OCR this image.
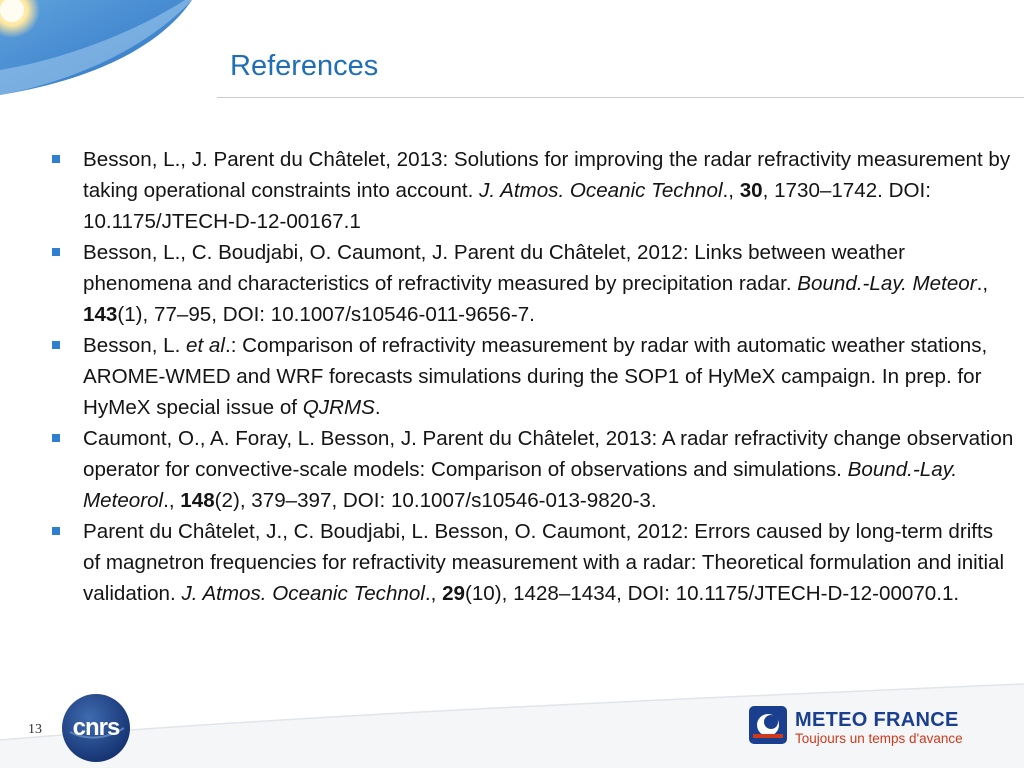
References
Besson, L., J. Parent du Châtelet, 2013: Solutions for improving the radar refractivity measurement by taking operational constraints into account. J. Atmos. Oceanic Technol., 30, 1730–1742. DOI: 10.1175/JTECH-D-12-00167.1
Besson, L., C. Boudjabi, O. Caumont, J. Parent du Châtelet, 2012: Links between weather phenomena and characteristics of refractivity measured by precipitation radar. Bound.-Lay. Meteor., 143(1), 77–95, DOI: 10.1007/s10546-011-9656-7.
Besson, L. et al.: Comparison of refractivity measurement by radar with automatic weather stations, AROME-WMED and WRF forecasts simulations during the SOP1 of HyMeX campaign. In prep. for HyMeX special issue of QJRMS.
Caumont, O., A. Foray, L. Besson, J. Parent du Châtelet, 2013: A radar refractivity change observation operator for convective-scale models: Comparison of observations and simulations. Bound.-Lay. Meteorol., 148(2), 379–397, DOI: 10.1007/s10546-013-9820-3.
Parent du Châtelet, J., C. Boudjabi, L. Besson, O. Caumont, 2012: Errors caused by long-term drifts of magnetron frequencies for refractivity measurement with a radar: Theoretical formulation and initial validation. J. Atmos. Oceanic Technol., 29(10), 1428–1434, DOI: 10.1175/JTECH-D-12-00070.1.
13	cnrs	METEO FRANCE
Toujours un temps d'avance
